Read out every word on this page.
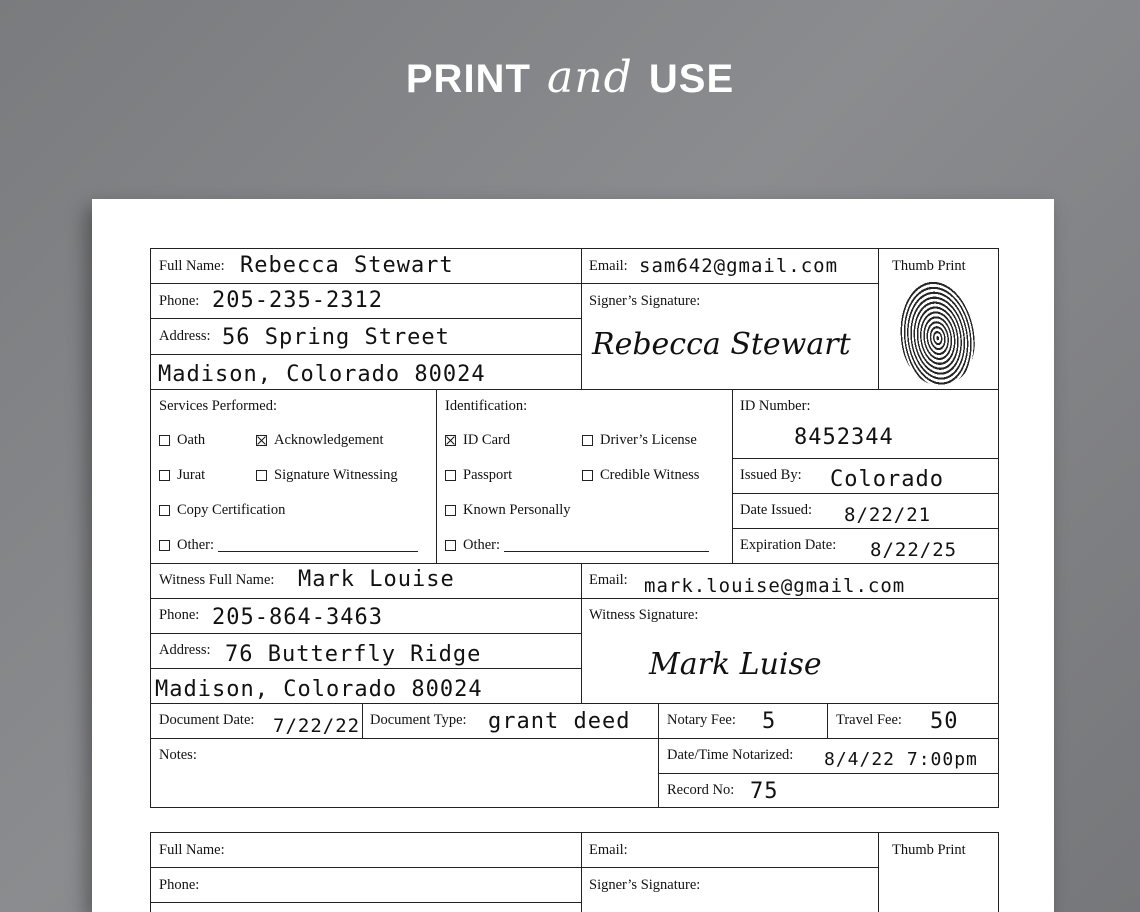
PRINT and USE
Full Name: Rebecca Stewart	Email: sam642@gmail.com	Thumb Print
Phone: 205-235-2312	Signer’s Signature:
Rebecca Stewart
Address: 56 Spring Street
Madison, Colorado 80024
Services Performed:
Oath	Acknowledgement
Jurat	Signature Witnessing
Copy Certification
Other:
Identification:
ID Card	Driver’s License
Passport	Credible Witness
Known Personally
Other:
ID Number:
8452344
Issued By: Colorado
Date Issued: 8/22/21
Expiration Date: 8/22/25
Witness Full Name: Mark Louise	Email: mark.louise@gmail.com
Phone: 205-864-3463	Witness Signature:
Mark Luise
Address: 76 Butterfly Ridge
Madison, Colorado 80024
Document Date: 7/22/22 Document Type: grant deed	Notary Fee: 5	Travel Fee: 50
Notes:	Date/Time Notarized: 8/4/22 7:00pm
Record No: 75
Full Name:	Email:	Thumb Print
Phone:	Signer’s Signature:
